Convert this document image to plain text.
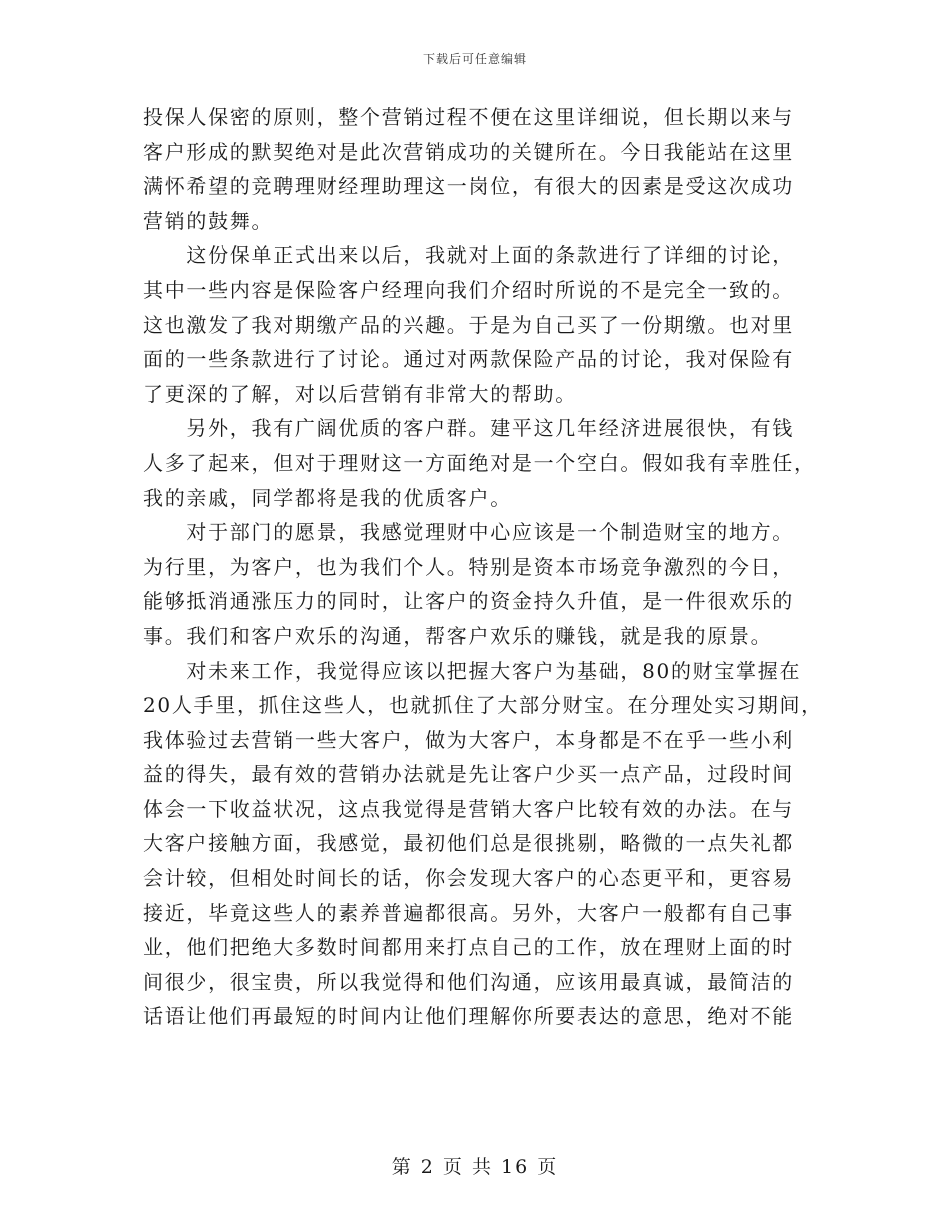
下载后可任意编辑
投保人保密的原则，整个营销过程不便在这里详细说，但长期以来与
客户形成的默契绝对是此次营销成功的关键所在。今日我能站在这里
满怀希望的竞聘理财经理助理这一岗位，有很大的因素是受这次成功
营销的鼓舞。
　　这份保单正式出来以后，我就对上面的条款进行了详细的讨论，
其中一些内容是保险客户经理向我们介绍时所说的不是完全一致的。
这也激发了我对期缴产品的兴趣。于是为自己买了一份期缴。也对里
面的一些条款进行了讨论。通过对两款保险产品的讨论，我对保险有
了更深的了解，对以后营销有非常大的帮助。
　　另外，我有广阔优质的客户群。建平这几年经济进展很快，有钱
人多了起来，但对于理财这一方面绝对是一个空白。假如我有幸胜任，
我的亲戚，同学都将是我的优质客户。
　　对于部门的愿景，我感觉理财中心应该是一个制造财宝的地方。
为行里，为客户，也为我们个人。特别是资本市场竞争激烈的今日，
能够抵消通涨压力的同时，让客户的资金持久升值，是一件很欢乐的
事。我们和客户欢乐的沟通，帮客户欢乐的赚钱，就是我的原景。
　　对未来工作，我觉得应该以把握大客户为基础，80的财宝掌握在
20人手里，抓住这些人，也就抓住了大部分财宝。在分理处实习期间，
我体验过去营销一些大客户，做为大客户，本身都是不在乎一些小利
益的得失，最有效的营销办法就是先让客户少买一点产品，过段时间
体会一下收益状况，这点我觉得是营销大客户比较有效的办法。在与
大客户接触方面，我感觉，最初他们总是很挑剔，略微的一点失礼都
会计较，但相处时间长的话，你会发现大客户的心态更平和，更容易
接近，毕竟这些人的素养普遍都很高。另外，大客户一般都有自己事
业，他们把绝大多数时间都用来打点自己的工作，放在理财上面的时
间很少，很宝贵，所以我觉得和他们沟通，应该用最真诚，最简洁的
话语让他们再最短的时间内让他们理解你所要表达的意思，绝对不能
第 2 页 共 16 页
